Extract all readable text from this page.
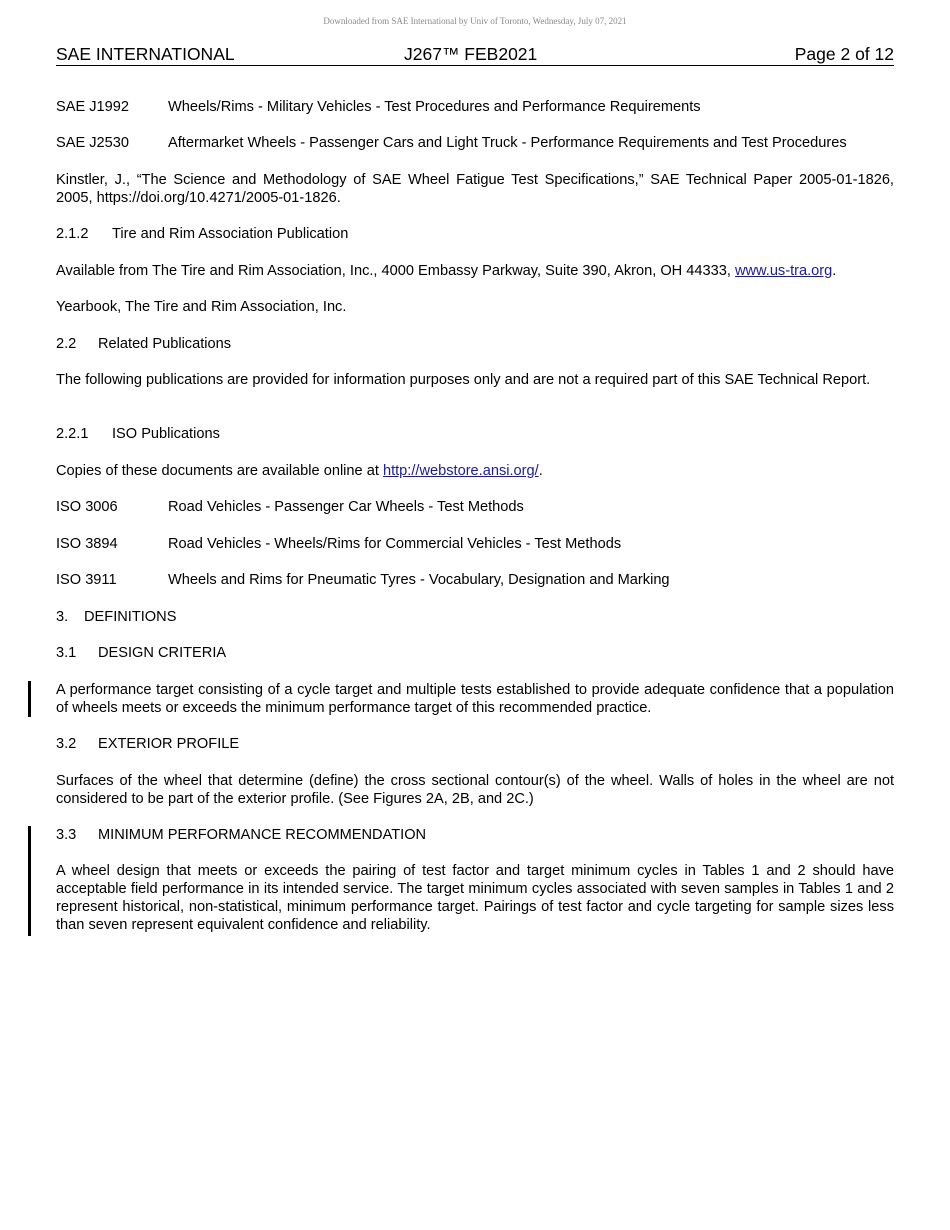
Downloaded from SAE International by Univ of Toronto, Wednesday, July 07, 2021
SAE INTERNATIONAL	J267™ FEB2021	Page 2 of 12
SAE J1992	Wheels/Rims - Military Vehicles - Test Procedures and Performance Requirements
SAE J2530	Aftermarket Wheels - Passenger Cars and Light Truck - Performance Requirements and Test Procedures

Kinstler, J., “The Science and Methodology of SAE Wheel Fatigue Test Specifications,” SAE Technical Paper 2005-01-1826, 2005, https://doi.org/10.4271/2005-01-1826.

2.1.2 Tire and Rim Association Publication

Available from The Tire and Rim Association, Inc., 4000 Embassy Parkway, Suite 390, Akron, OH 44333, www.us-tra.org.

Yearbook, The Tire and Rim Association, Inc.

2.2 Related Publications

The following publications are provided for information purposes only and are not a required part of this SAE Technical Report.

2.2.1 ISO Publications

Copies of these documents are available online at http://webstore.ansi.org/.

ISO 3006	Road Vehicles - Passenger Car Wheels - Test Methods
ISO 3894	Road Vehicles - Wheels/Rims for Commercial Vehicles - Test Methods
ISO 3911	Wheels and Rims for Pneumatic Tyres - Vocabulary, Designation and Marking
3. DEFINITIONS
3.1 DESIGN CRITERIA

A performance target consisting of a cycle target and multiple tests established to provide adequate confidence that a population of wheels meets or exceeds the minimum performance target of this recommended practice.

3.2 EXTERIOR PROFILE

Surfaces of the wheel that determine (define) the cross sectional contour(s) of the wheel. Walls of holes in the wheel are not considered to be part of the exterior profile. (See Figures 2A, 2B, and 2C.)

3.3 MINIMUM PERFORMANCE RECOMMENDATION

A wheel design that meets or exceeds the pairing of test factor and target minimum cycles in Tables 1 and 2 should have acceptable field performance in its intended service. The target minimum cycles associated with seven samples in Tables 1 and 2 represent historical, non-statistical, minimum performance target. Pairings of test factor and cycle targeting for sample sizes less than seven represent equivalent confidence and reliability.
